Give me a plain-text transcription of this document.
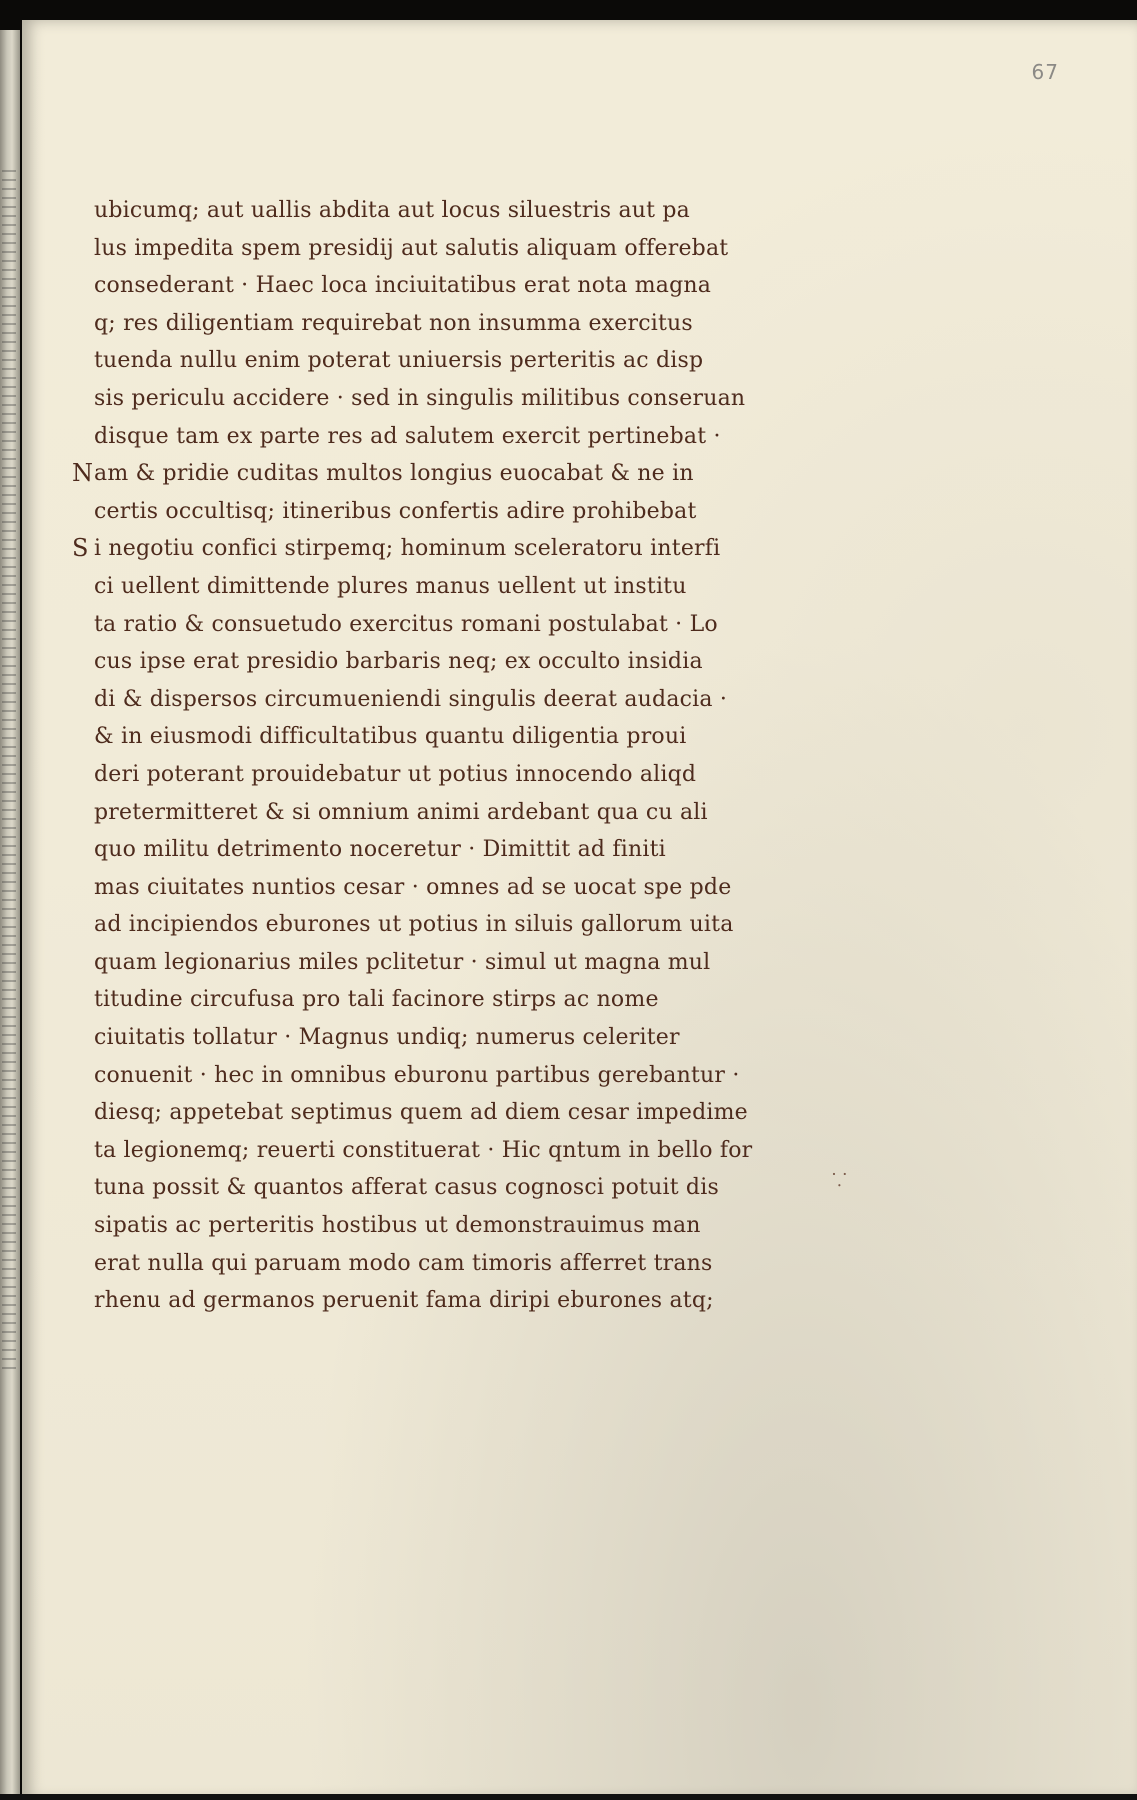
67
ubicumq; aut uallis abdita aut locus siluestris aut pa
lus impedita spem presidij aut salutis aliquam offerebat
consederant · Haec loca inciuitatibus erat nota magna
q; res diligentiam requirebat non insumma exercitus
tuenda nullu enim poterat uniuersis perteritis ac disp
sis periculu accidere · sed in singulis militibus conseruan
disque tam ex parte res ad salutem exercit pertinebat ·
N am & pridie cuditas multos longius euocabat & ne in
certis occultisq; itineribus confertis adire prohibebat
S i negotiu confici stirpemq; hominum sceleratoru interfi
ci uellent dimittende plures manus uellent ut institu
ta ratio & consuetudo exercitus romani postulabat · Lo
cus ipse erat presidio barbaris neq; ex occulto insidia
di & dispersos circumueniendi singulis deerat audacia ·
& in eiusmodi difficultatibus quantu diligentia proui
deri poterant prouidebatur ut potius innocendo aliqd
pretermitteret & si omnium animi ardebant qua cu ali
quo militu detrimento noceretur · Dimittit ad finiti
mas ciuitates nuntios cesar · omnes ad se uocat spe pde
ad incipiendos eburones ut potius in siluis gallorum uita
quam legionarius miles pclitetur · simul ut magna mul
titudine circufusa pro tali facinore stirps ac nome
ciuitatis tollatur · Magnus undiq; numerus celeriter
conuenit · hec in omnibus eburonu partibus gerebantur ·
diesq; appetebat septimus quem ad diem cesar impedime
ta legionemq; reuerti constituerat · Hic qntum in bello for
tuna possit & quantos afferat casus cognosci potuit dis
sipatis ac perteritis hostibus ut demonstrauimus man
erat nulla qui paruam modo cam timoris afferret trans
rhenu ad germanos peruenit fama diripi eburones atq;
⸪
